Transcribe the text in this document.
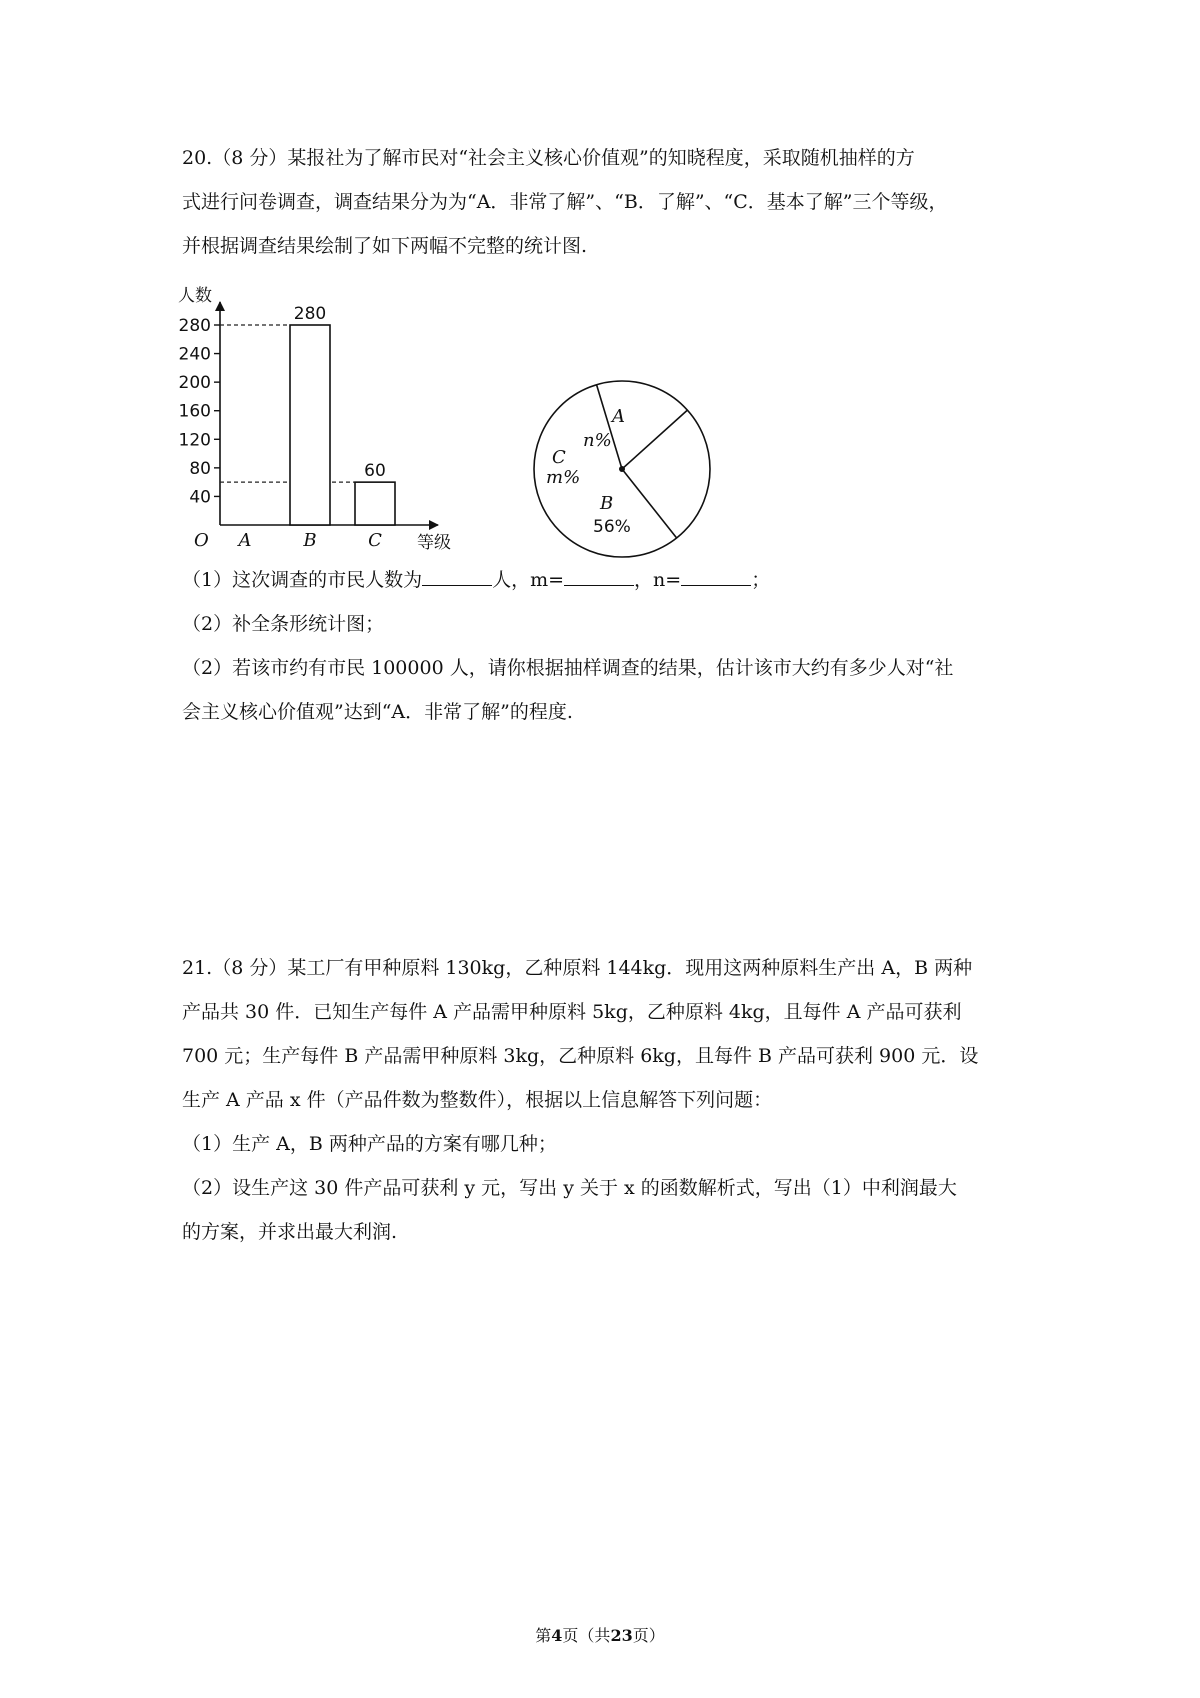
20.（8 分）某报社为了解市民对“社会主义核心价值观”的知晓程度，采取随机抽样的方
式进行问卷调查，调查结果分为为“A．非常了解”、“B．了解”、“C．基本了解”三个等级，
并根据调查结果绘制了如下两幅不完整的统计图.
人数
等级
O
40
80
120
160
200
240
280
280
60
A	B	C
A
n%
C
m%
B
56%
（1）这次调查的市民人数为	人，m=	，n=	；
（2）补全条形统计图；
（2）若该市约有市民 100000 人，请你根据抽样调查的结果，估计该市大约有多少人对“社
会主义核心价值观”达到“A．非常了解”的程度.
21.（8 分）某工厂有甲种原料 130kg，乙种原料 144kg．现用这两种原料生产出 A，B 两种
产品共 30 件．已知生产每件 A 产品需甲种原料 5kg，乙种原料 4kg，且每件 A 产品可获利
700 元；生产每件 B 产品需甲种原料 3kg，乙种原料 6kg，且每件 B 产品可获利 900 元．设
生产 A 产品 x 件（产品件数为整数件），根据以上信息解答下列问题：
（1）生产 A，B 两种产品的方案有哪几种；
（2）设生产这 30 件产品可获利 y 元，写出 y 关于 x 的函数解析式，写出（1）中利润最大
的方案，并求出最大利润.
第4页（共23页）
